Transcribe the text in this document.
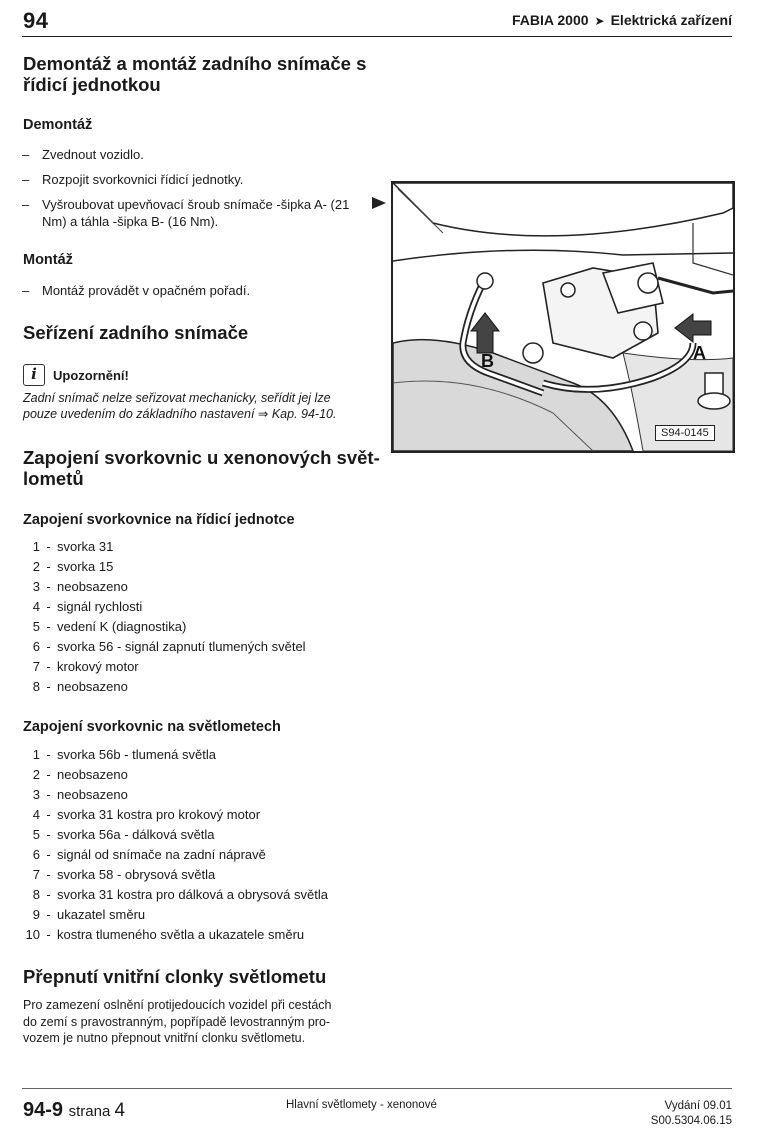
94	FABIA 2000 ➤ Elektrická zařízení
Demontáž a montáž zadního snímače s
řídicí jednotkou
Demontáž
– Zvednout vozidlo.
– Rozpojit svorkovnici řídicí jednotky.
– Vyšroubovat upevňovací šroub snímače -šipka A- (21 Nm) a táhla -šipka B- (16 Nm).
Montáž
– Montáž provádět v opačném pořadí.
Seřízení zadního snímače
i Upozornění!
Zadní snímač nelze seřizovat mechanicky, seřídit jej lze
pouze uvedením do základního nastavení ⇒ Kap. 94-10.
Zapojení svorkovnic u xenonových svět-
lometů
Zapojení svorkovnice na řídicí jednotce
1 - svorka 31
2 - svorka 15
3 - neobsazeno
4 - signál rychlosti
5 - vedení K (diagnostika)
6 - svorka 56 - signál zapnutí tlumených světel
7 - krokový motor
8 - neobsazeno
Zapojení svorkovnic na světlometech
1 - svorka 56b - tlumená světla
2 - neobsazeno
3 - neobsazeno
4 - svorka 31 kostra pro krokový motor
5 - svorka 56a - dálková světla
6 - signál od snímače na zadní nápravě
7 - svorka 58 - obrysová světla
8 - svorka 31 kostra pro dálková a obrysová světla
9 - ukazatel směru
10 - kostra tlumeného světla a ukazatele směru
Přepnutí vnitřní clonky světlometu
Pro zamezení oslnění protijedoucích vozidel při cestách
do zemí s pravostranným, popřípadě levostranným pro-
vozem je nutno přepnout vnitřní clonku světlometu.
B	A
S94-0145
94-9 strana 4	Hlavní světlomety - xenonové	Vydání 09.01
S00.5304.06.15
